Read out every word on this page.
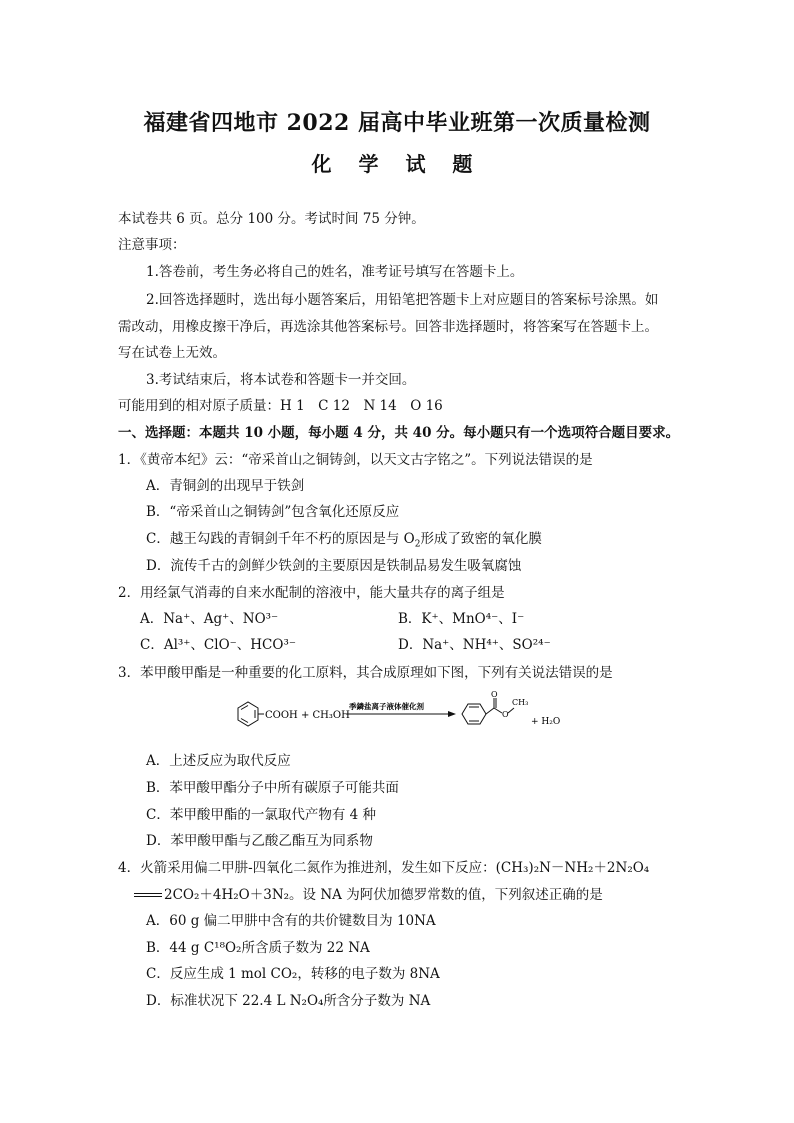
福建省四地市 2022 届高中毕业班第一次质量检测
化 学 试 题
本试卷共 6 页。总分 100 分。考试时间 75 分钟。
注意事项：
1.答卷前，考生务必将自己的姓名，准考证号填写在答题卡上。
2.回答选择题时，选出每小题答案后，用铅笔把答题卡上对应题目的答案标号涂黑。如
需改动，用橡皮擦干净后，再选涂其他答案标号。回答非选择题时，将答案写在答题卡上。
写在试卷上无效。
3.考试结束后，将本试卷和答题卡一并交回。
可能用到的相对原子质量：H 1　C 12　N 14　O 16
一、选择题：本题共 10 小题，每小题 4 分，共 40 分。每小题只有一个选项符合题目要求。
1．《黄帝本纪》云：“帝采首山之铜铸剑，以天文古字铭之”。下列说法错误的是
A．青铜剑的出现早于铁剑
B．“帝采首山之铜铸剑”包含氧化还原反应
C．越王勾践的青铜剑千年不朽的原因是与 $O_2$形成了致密的氧化膜
D．流传千古的剑鲜少铁剑的主要原因是铁制品易发生吸氧腐蚀
2．用经氯气消毒的自来水配制的溶液中，能大量共存的离子组是
A．Na⁺、Ag⁺、NO³⁻	B．K⁺、MnO⁴⁻、I⁻
C．Al³⁺、ClO⁻、HCO³⁻	D．Na⁺、NH⁴⁺、SO²⁴⁻
3．苯甲酸甲酯是一种重要的化工原料，其合成原理如下图，下列有关说法错误的是
COOH + CH₃OH
季鏻盐离子液体催化剂
O
O
CH₃
+ H₂O
A．上述反应为取代反应
B．苯甲酸甲酯分子中所有碳原子可能共面
C．苯甲酸甲酯的一氯取代产物有 4 种
D．苯甲酸甲酯与乙酸乙酯互为同系物
4．火箭采用偏二甲肼-四氧化二氮作为推进剂，发生如下反应：(CH₃)₂N－NH₂＋2N₂O₄
2CO₂＋4H₂O＋3N₂。设 NA 为阿伏加德罗常数的值，下列叙述正确的是
A．60 g 偏二甲肼中含有的共价键数目为 10NA
B．44 g C¹⁸O₂所含质子数为 22 NA
C．反应生成 1 mol CO₂，转移的电子数为 8NA
D．标准状况下 22.4 L N₂O₄所含分子数为 NA
